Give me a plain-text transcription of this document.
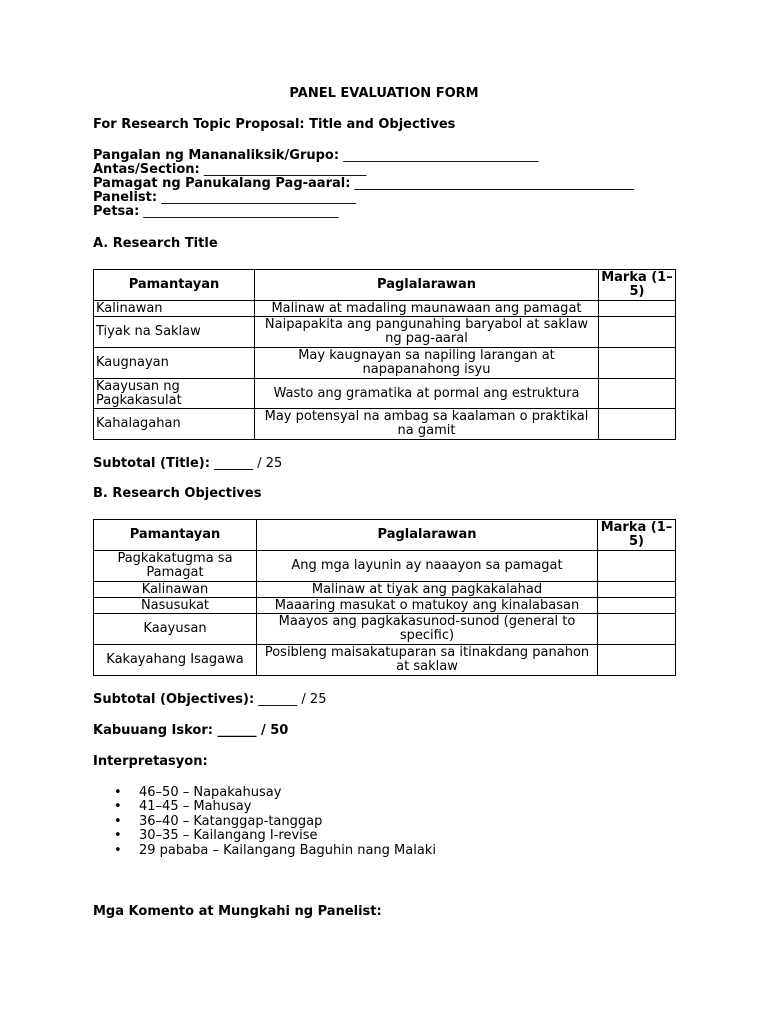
PANEL EVALUATION FORM
For Research Topic Proposal: Title and Objectives
Pangalan ng Mananaliksik/Grupo: ______________________________
Antas/Section: _________________________
Pamagat ng Panukalang Pag-aaral: ___________________________________________
Panelist: ______________________________
Petsa: ______________________________
A. Research Title
Pamantayan	Paglalarawan	Marka (1–5)
Kalinawan	Malinaw at madaling maunawaan ang pamagat	
Tiyak na Saklaw	Naipapakita ang pangunahing baryabol at saklaw ng pag-aaral	
Kaugnayan	May kaugnayan sa napiling larangan at napapanahong isyu	
Kaayusan ng Pagkakasulat	Wasto ang gramatika at pormal ang estruktura	
Kahalagahan	May potensyal na ambag sa kaalaman o praktikal na gamit	
Subtotal (Title): ______ / 25
B. Research Objectives
Pamantayan	Paglalarawan	Marka (1–5)
Pagkakatugma sa Pamagat	Ang mga layunin ay naaayon sa pamagat	
Kalinawan	Malinaw at tiyak ang pagkakalahad	
Nasusukat	Maaaring masukat o matukoy ang kinalabasan	
Kaayusan	Maayos ang pagkakasunod-sunod (general to specific)	
Kakayahang Isagawa	Posibleng maisakatuparan sa itinakdang panahon at saklaw	
Subtotal (Objectives): ______ / 25
Kabuuang Iskor: ______ / 50
Interpretasyon:
• 46–50 – Napakahusay
• 41–45 – Mahusay
• 36–40 – Katanggap-tanggap
• 30–35 – Kailangang I-revise
• 29 pababa – Kailangang Baguhin nang Malaki
Mga Komento at Mungkahi ng Panelist:
